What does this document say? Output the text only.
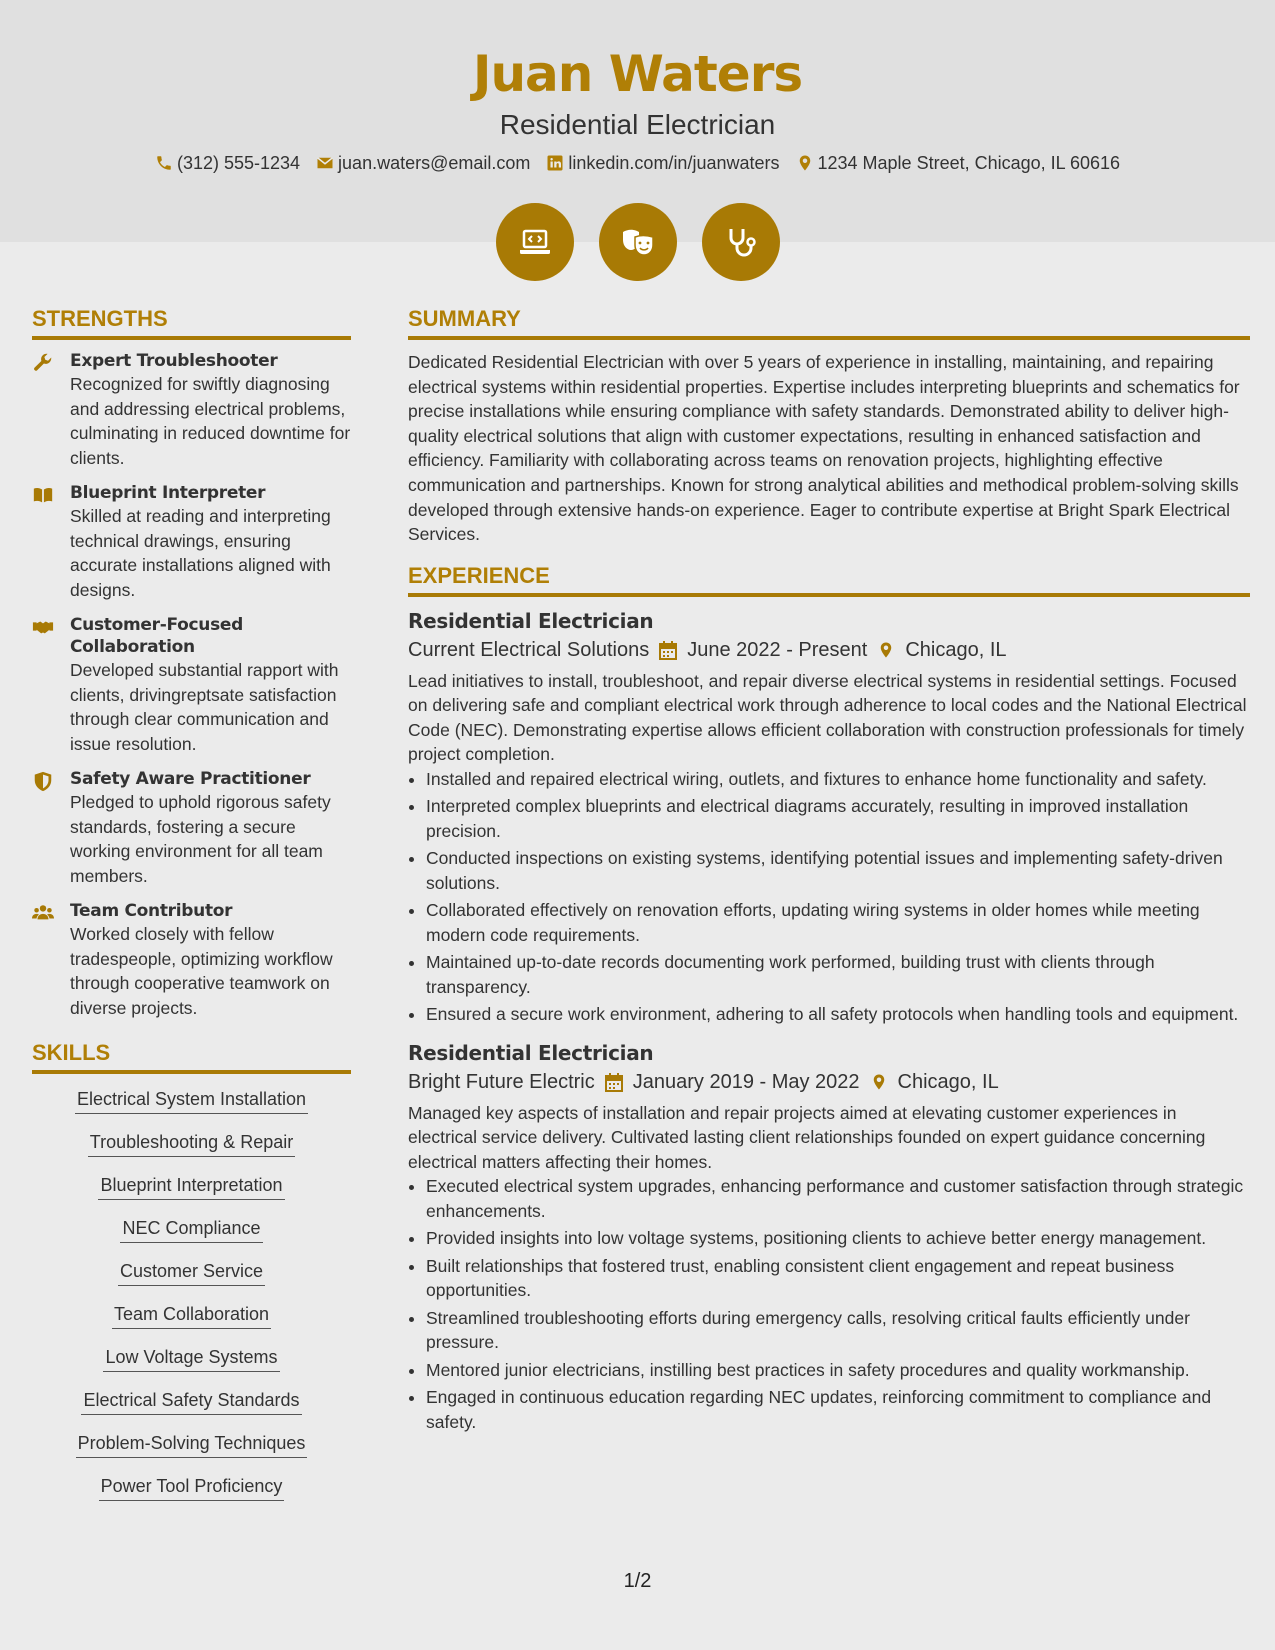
Juan Waters
Residential Electrician
(312) 555-1234 juan.waters@email.com linkedin.com/in/juanwaters 1234 Maple Street, Chicago, IL 60616
STRENGTHS
Expert Troubleshooter
Recognized for swiftly diagnosing and addressing electrical problems, culminating in reduced downtime for clients.
Blueprint Interpreter
Skilled at reading and interpreting technical drawings, ensuring accurate installations aligned with designs.
Customer-Focused Collaboration
Developed substantial rapport with clients, drivingreptsate satisfaction through clear communication and issue resolution.
Safety Aware Practitioner
Pledged to uphold rigorous safety standards, fostering a secure working environment for all team members.
Team Contributor
Worked closely with fellow tradespeople, optimizing workflow through cooperative teamwork on diverse projects.
SKILLS
Electrical System Installation
Troubleshooting & Repair
Blueprint Interpretation
NEC Compliance
Customer Service
Team Collaboration
Low Voltage Systems
Electrical Safety Standards
Problem-Solving Techniques
Power Tool Proficiency
SUMMARY

Dedicated Residential Electrician with over 5 years of experience in installing, maintaining, and repairing electrical systems within residential properties. Expertise includes interpreting blueprints and schematics for precise installations while ensuring compliance with safety standards. Demonstrated ability to deliver high-quality electrical solutions that align with customer expectations, resulting in enhanced satisfaction and efficiency. Familiarity with collaborating across teams on renovation projects, highlighting effective communication and partnerships. Known for strong analytical abilities and methodical problem-solving skills developed through extensive hands-on experience. Eager to contribute expertise at Bright Spark Electrical Services.

EXPERIENCE
Residential Electrician
Current Electrical Solutions June 2022 - Present Chicago, IL
Lead initiatives to install, troubleshoot, and repair diverse electrical systems in residential settings. Focused on delivering safe and compliant electrical work through adherence to local codes and the National Electrical Code (NEC). Demonstrating expertise allows efficient collaboration with construction professionals for timely project completion.
• Installed and repaired electrical wiring, outlets, and fixtures to enhance home functionality and safety.
• Interpreted complex blueprints and electrical diagrams accurately, resulting in improved installation precision.
• Conducted inspections on existing systems, identifying potential issues and implementing safety-driven solutions.
• Collaborated effectively on renovation efforts, updating wiring systems in older homes while meeting modern code requirements.
• Maintained up-to-date records documenting work performed, building trust with clients through transparency.
• Ensured a secure work environment, adhering to all safety protocols when handling tools and equipment.
Residential Electrician
Bright Future Electric January 2019 - May 2022 Chicago, IL
Managed key aspects of installation and repair projects aimed at elevating customer experiences in electrical service delivery. Cultivated lasting client relationships founded on expert guidance concerning electrical matters affecting their homes.
• Executed electrical system upgrades, enhancing performance and customer satisfaction through strategic enhancements.
• Provided insights into low voltage systems, positioning clients to achieve better energy management.
• Built relationships that fostered trust, enabling consistent client engagement and repeat business opportunities.
• Streamlined troubleshooting efforts during emergency calls, resolving critical faults efficiently under pressure.
• Mentored junior electricians, instilling best practices in safety procedures and quality workmanship.
• Engaged in continuous education regarding NEC updates, reinforcing commitment to compliance and safety.
1/2
